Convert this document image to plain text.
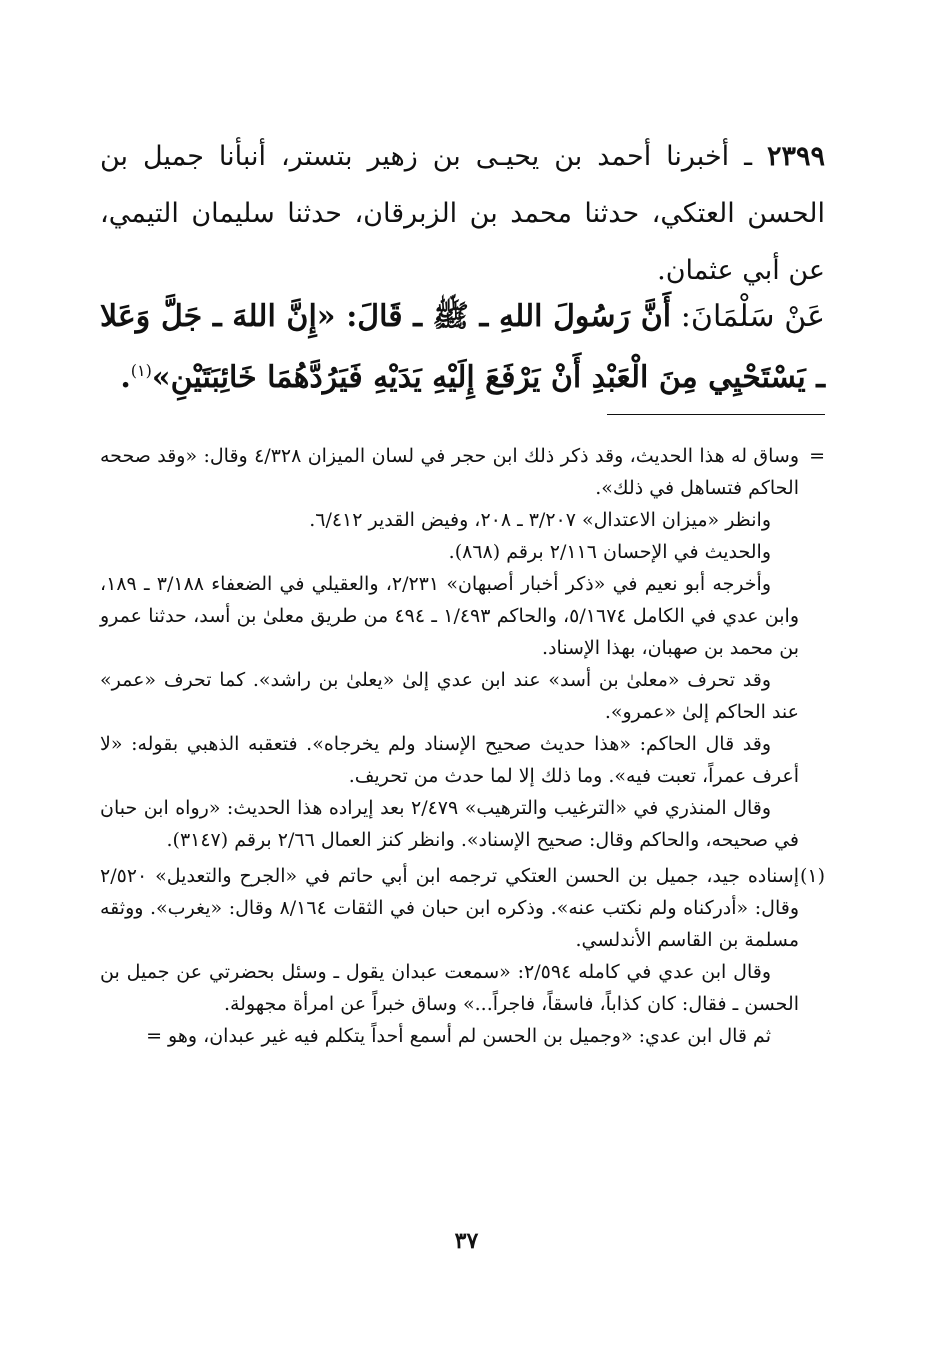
٢٣٩٩ ـ أخبرنا أحمد بن يحيـى بن زهير بتستر، أنبأنا جميل بن الحسن العتكي، حدثنا محمد بن الزبرقان، حدثنا سليمان التيمي، عن أبي عثمان.
عَنْ سَلْمَانَ: أَنَّ رَسُولَ اللهِ ـ ﷺ ـ قَالَ: «إِنَّ اللهَ ـ جَلَّ وَعَلا ـ يَسْتَحْيِي مِنَ الْعَبْدِ أَنْ يَرْفَعَ إِلَيْهِ يَدَيْهِ فَيَرُدَّهُمَا خَائِبَتَيْنِ»$^{(١)}$.

=
وساق له هذا الحديث، وقد ذكر ذلك ابن حجر في لسان الميزان ٤/٣٢٨ وقال: «وقد صححه الحاكم فتساهل في ذلك».

وانظر «ميزان الاعتدال» ٣/٢٠٧ ـ ٢٠٨، وفيض القدير ٦/٤١٢.

والحديث في الإحسان ٢/١١٦ برقم (٨٦٨).

وأخرجه أبو نعيم في «ذكر أخبار أصبهان» ٢/٢٣١، والعقيلي في الضعفاء ٣/١٨٨ ـ ١٨٩، وابن عدي في الكامل ٥/١٦٧٤، والحاكم ١/٤٩٣ ـ ٤٩٤ من طريق معلىٰ بن أسد، حدثنا عمرو بن محمد بن صهبان، بهذا الإسناد.

وقد تحرف «معلىٰ بن أسد» عند ابن عدي إلىٰ «يعلىٰ بن راشد». كما تحرف «عمر» عند الحاكم إلىٰ «عمرو».

وقد قال الحاكم: «هذا حديث صحيح الإسناد ولم يخرجاه». فتعقبه الذهبي بقوله: «لا أعرف عمراً، تعبت فيه». وما ذلك إلا لما حدث من تحريف.

وقال المنذري في «الترغيب والترهيب» ٢/٤٧٩ بعد إيراده هذا الحديث: «رواه ابن حبان في صحيحه، والحاكم وقال: صحيح الإسناد». وانظر كنز العمال ٢/٦٦ برقم (٣١٤٧).

(١)
إسناده جيد، جميل بن الحسن العتكي ترجمه ابن أبي حاتم في «الجرح والتعديل» ٢/٥٢٠ وقال: «أدركناه ولم نكتب عنه». وذكره ابن حبان في الثقات ٨/١٦٤ وقال: «يغرب». ووثقه مسلمة بن القاسم الأندلسي.

وقال ابن عدي في كامله ٢/٥٩٤: «سمعت عبدان يقول ـ وسئل بحضرتي عن جميل بن الحسن ـ فقال: كان كذاباً، فاسقاً، فاجراً...» وساق خبراً عن امرأة مجهولة.

ثم قال ابن عدي: «وجميل بن الحسن لم أسمع أحداً يتكلم فيه غير عبدان، وهو =

٣٧
